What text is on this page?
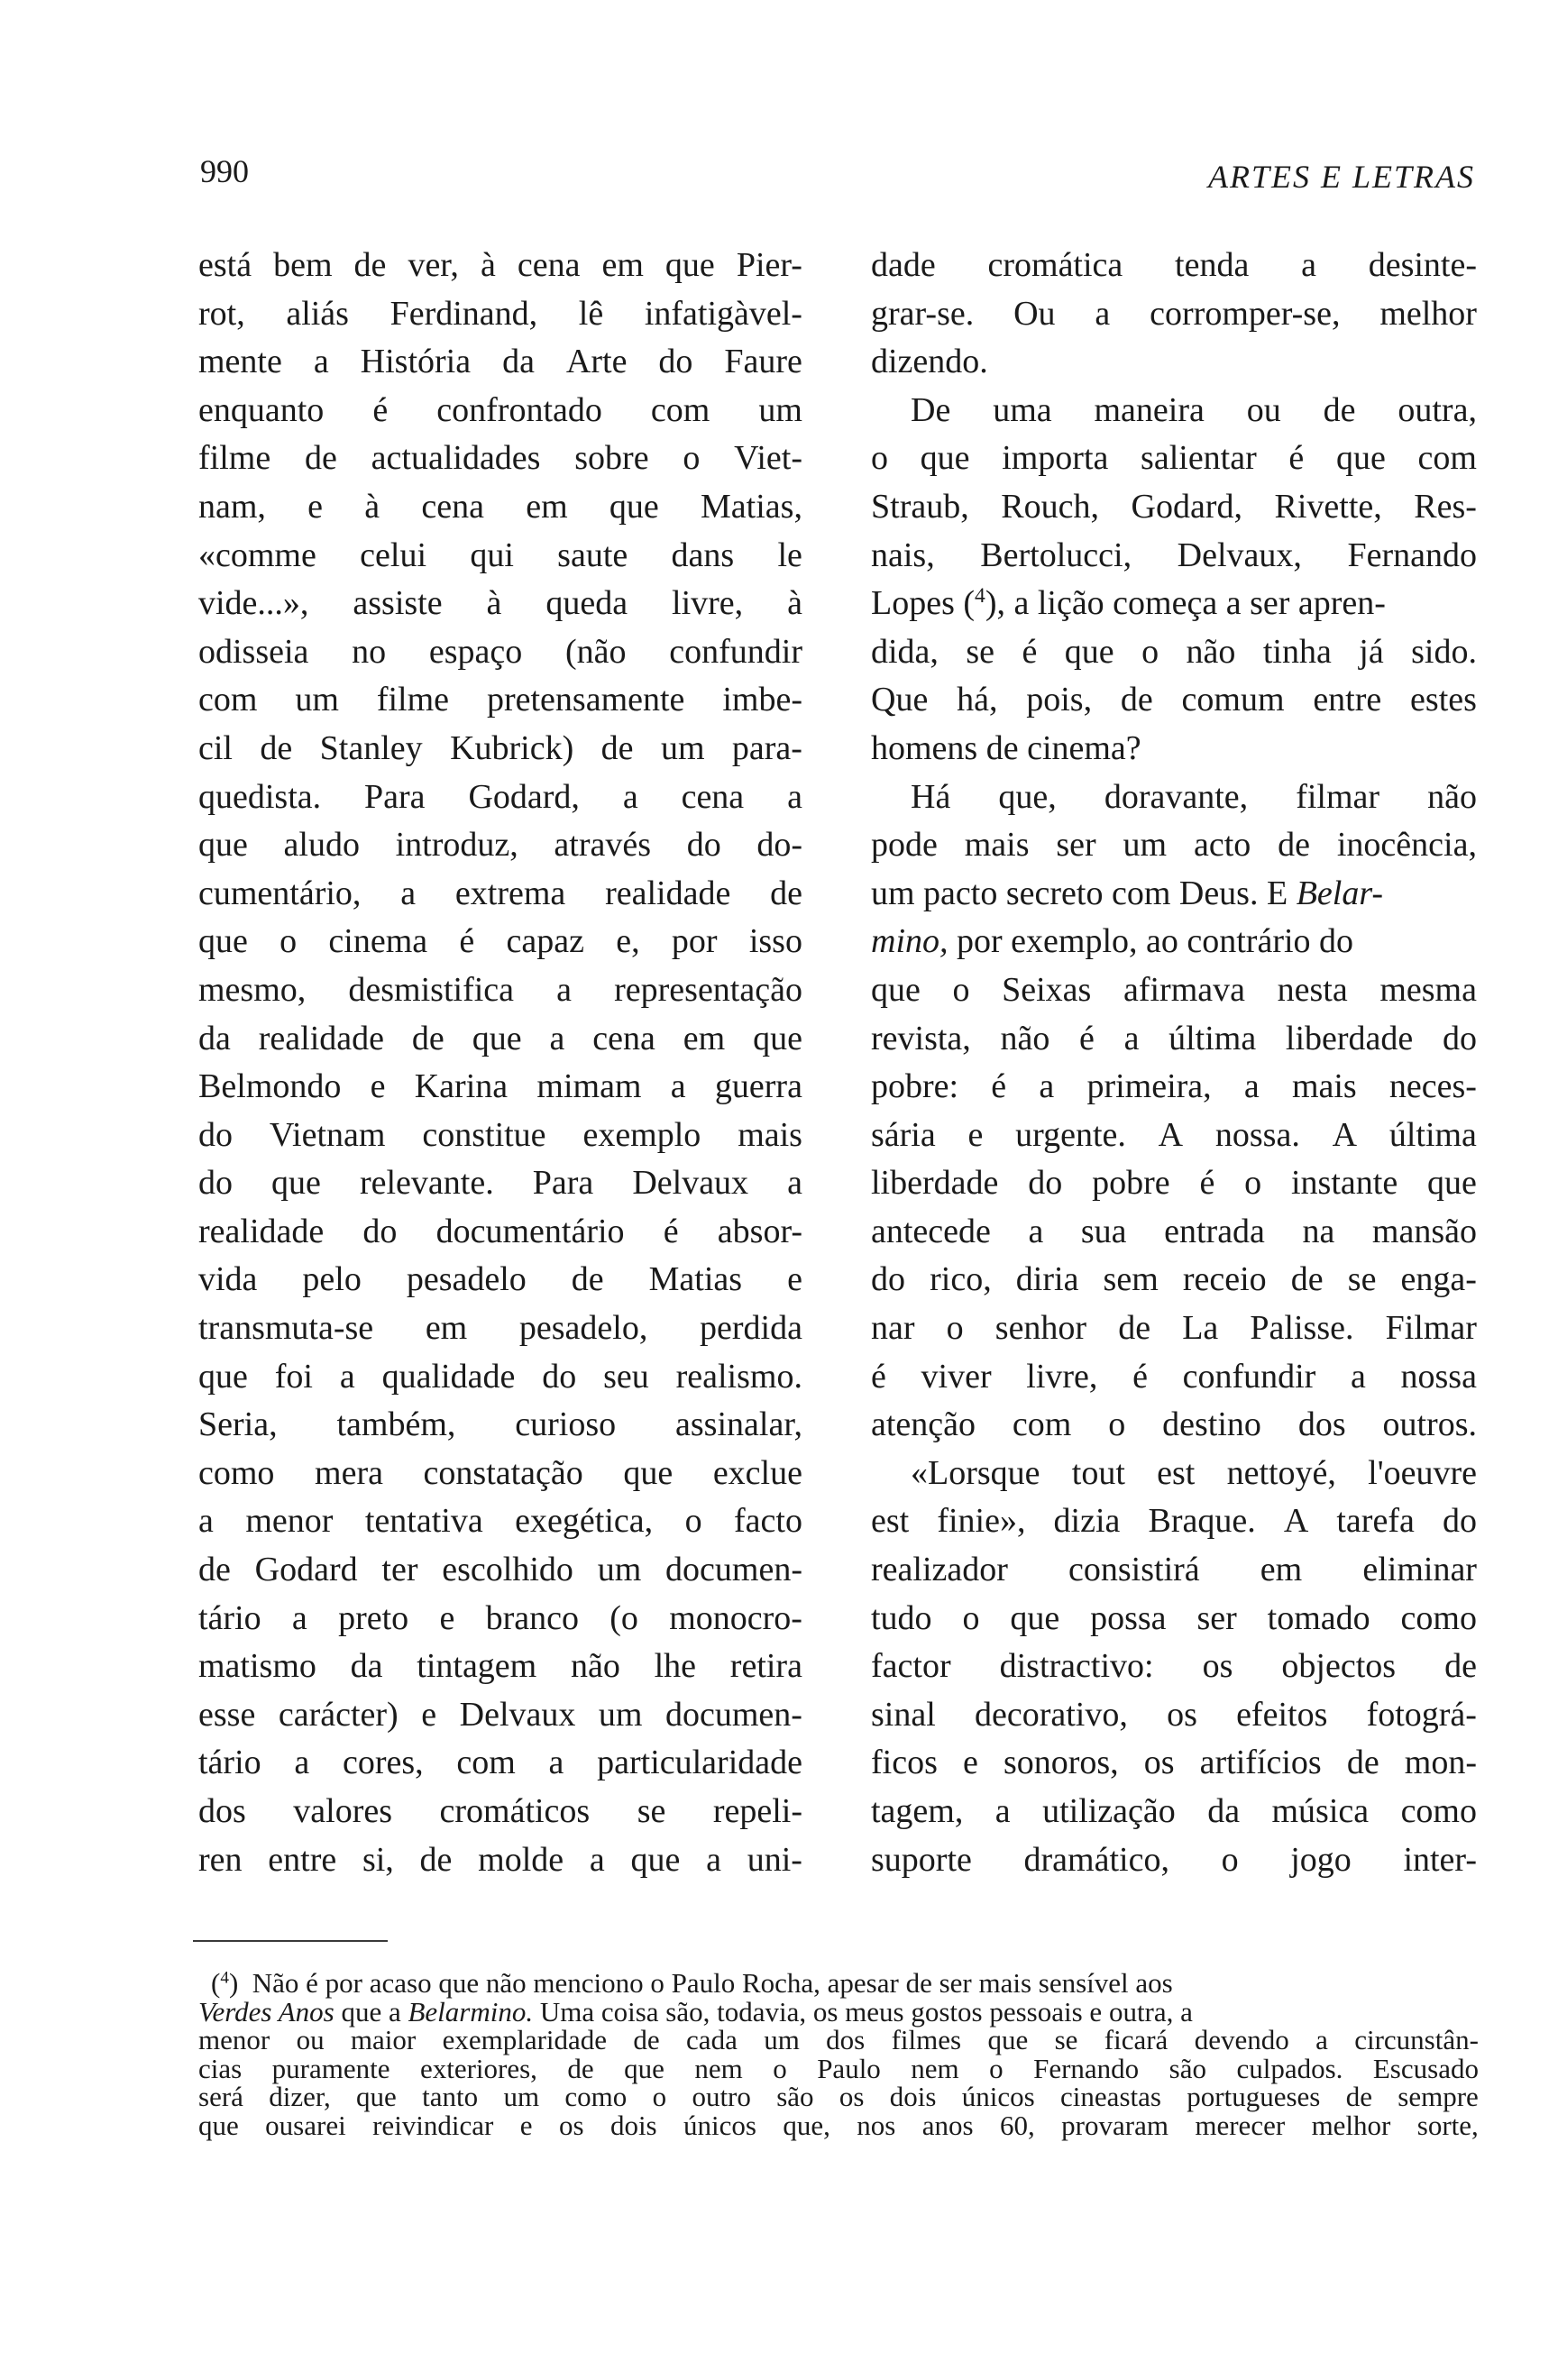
990	ARTES E LETRAS
está bem de ver, à cena em que Pier-
rot, aliás Ferdinand, lê infatigàvel-
mente a História da Arte do Faure
enquanto é confrontado com um
filme de actualidades sobre o Viet-
nam, e à cena em que Matias,
«comme celui qui saute dans le
vide...», assiste à queda livre, à
odisseia no espaço (não confundir
com um filme pretensamente imbe-
cil de Stanley Kubrick) de um para-
quedista. Para Godard, a cena a
que aludo introduz, através do do-
cumentário, a extrema realidade de
que o cinema é capaz e, por isso
mesmo, desmistifica a representação
da realidade de que a cena em que
Belmondo e Karina mimam a guerra
do Vietnam constitue exemplo mais
do que relevante. Para Delvaux a
realidade do documentário é absor-
vida pelo pesadelo de Matias e
transmuta-se em pesadelo, perdida
que foi a qualidade do seu realismo.
Seria, também, curioso assinalar,
como mera constatação que exclue
a menor tentativa exegética, o facto
de Godard ter escolhido um documen-
tário a preto e branco (o monocro-
matismo da tintagem não lhe retira
esse carácter) e Delvaux um documen-
tário a cores, com a particularidade
dos valores cromáticos se repeli-
ren entre si, de molde a que a uni-
dade cromática tenda a desinte-
grar-se. Ou a corromper-se, melhor
dizendo.
De uma maneira ou de outra,
o que importa salientar é que com
Straub, Rouch, Godard, Rivette, Res-
nais, Bertolucci, Delvaux, Fernando
Lopes ($^4$), a lição começa a ser apren-
dida, se é que o não tinha já sido.
Que há, pois, de comum entre estes
homens de cinema?
Há que, doravante, filmar não
pode mais ser um acto de inocência,
um pacto secreto com Deus. E Belar-
mino, por exemplo, ao contrário do
que o Seixas afirmava nesta mesma
revista, não é a última liberdade do
pobre: é a primeira, a mais neces-
sária e urgente. A nossa. A última
liberdade do pobre é o instante que
antecede a sua entrada na mansão
do rico, diria sem receio de se enga-
nar o senhor de La Palisse. Filmar
é viver livre, é confundir a nossa
atenção com o destino dos outros.
«Lorsque tout est nettoyé, l'oeuvre
est finie», dizia Braque. A tarefa do
realizador consistirá em eliminar
tudo o que possa ser tomado como
factor distractivo: os objectos de
sinal decorativo, os efeitos fotográ-
ficos e sonoros, os artifícios de mon-
tagem, a utilização da música como
suporte dramático, o jogo inter-
($^4$)  Não é por acaso que não menciono o Paulo Rocha, apesar de ser mais sensível aos
Verdes Anos que a Belarmino. Uma coisa são, todavia, os meus gostos pessoais e outra, a
menor ou maior exemplaridade de cada um dos filmes que se ficará devendo a circunstân-
cias puramente exteriores, de que nem o Paulo nem o Fernando são culpados. Escusado
será dizer, que tanto um como o outro são os dois únicos cineastas portugueses de sempre
que ousarei reivindicar e os dois únicos que, nos anos 60, provaram merecer melhor sorte,
